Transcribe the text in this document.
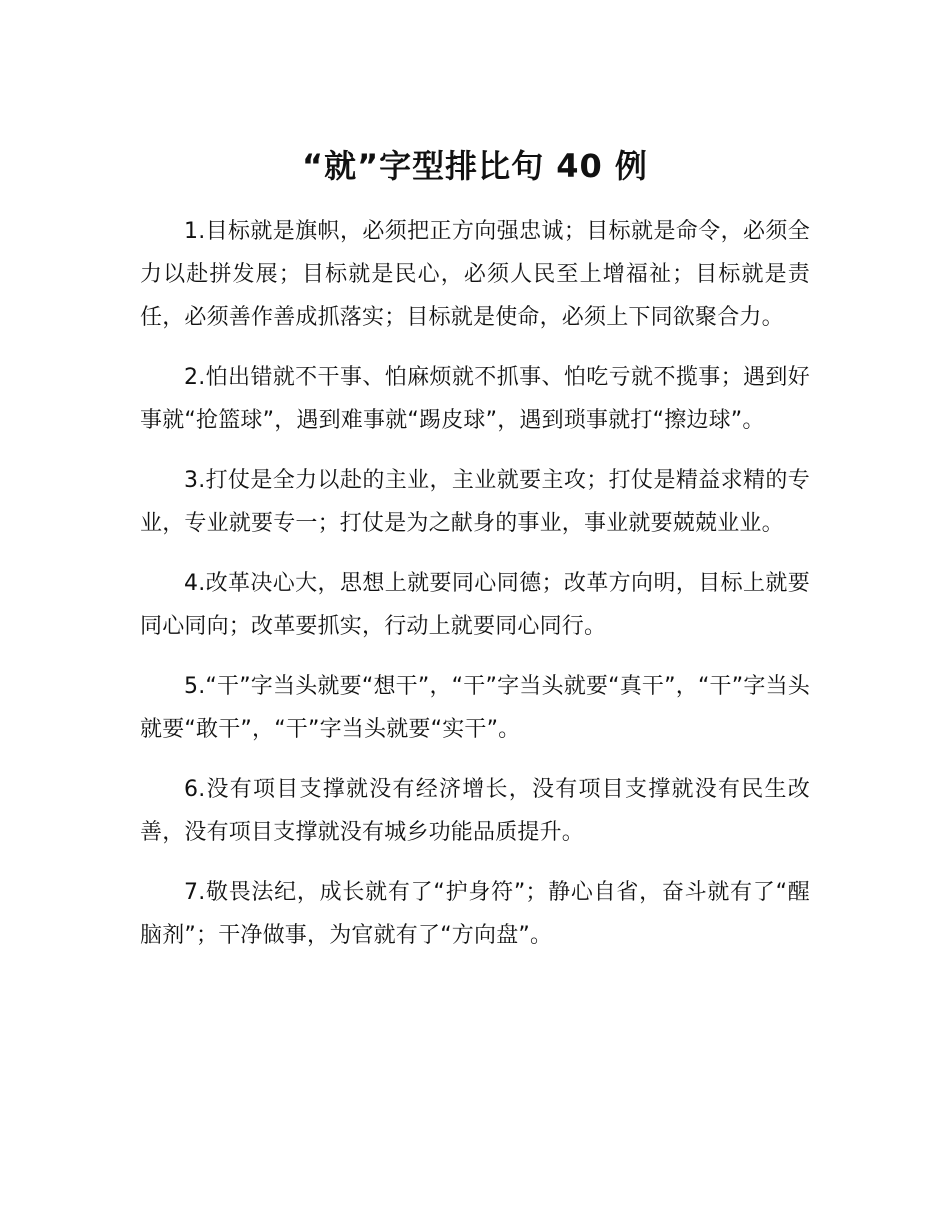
“就”字型排比句 40 例

1.目标就是旗帜，必须把正方向强忠诚；目标就是命令，必须全力以赴拼发展；目标就是民心，必须人民至上增福祉；目标就是责任，必须善作善成抓落实；目标就是使命，必须上下同欲聚合力。

2.怕出错就不干事、怕麻烦就不抓事、怕吃亏就不揽事；遇到好事就“抢篮球”，遇到难事就“踢皮球”，遇到琐事就打“擦边球”。

3.打仗是全力以赴的主业，主业就要主攻；打仗是精益求精的专业，专业就要专一；打仗是为之献身的事业，事业就要兢兢业业。

4.改革决心大，思想上就要同心同德；改革方向明，目标上就要同心同向；改革要抓实，行动上就要同心同行。

5.“干”字当头就要“想干”，“干”字当头就要“真干”，“干”字当头就要“敢干”，“干”字当头就要“实干”。

6.没有项目支撑就没有经济增长，没有项目支撑就没有民生改善，没有项目支撑就没有城乡功能品质提升。

7.敬畏法纪，成长就有了“护身符”；静心自省，奋斗就有了“醒脑剂”；干净做事，为官就有了“方向盘”。
